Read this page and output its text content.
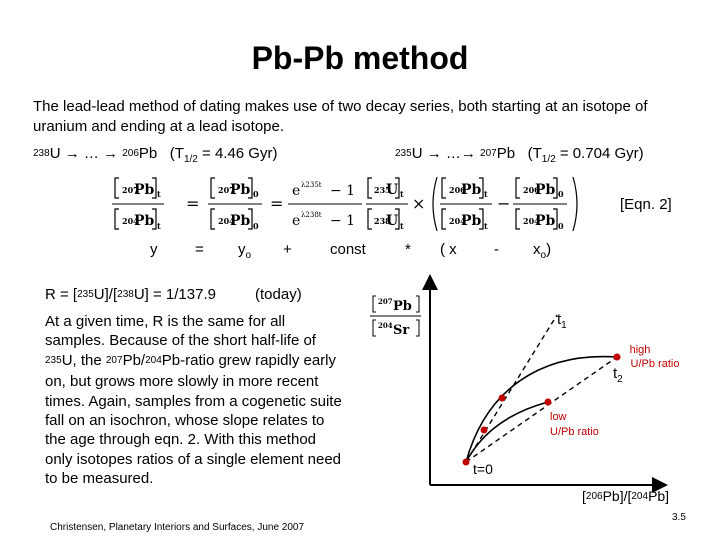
Pb-Pb method
The lead-lead method of dating makes use of two decay series, both starting at an isotope of uranium and ending at a lead isotope.
$^{238}$U → … → $^{206}$Pb ($T_{1/2} = 4.46$ Gyr)	$^{235}$U → …→ $^{207}$Pb ($T_{1/2} = 0.704$ Gyr)
207
Pb t
204
Pb t
=
207
Pb 0
204
Pb 0
=
e λ235t − 1
e λ238t − 1
235
U t
238
U t
×
206
Pb t
204
Pb t
−
206
Pb 0
204
Pb 0
[Eqn. 2]
y	= $y_o$ +	const	* ( x - $x_o$)
R = [$^{235}$U]/[$^{238}$U] = 1/137.9	(today)
At a given time, R is the same for all samples. Because of the short half-life of $^{235}$U, the $^{207}$Pb/$^{204}$Pb-ratio grew rapidly early on, but grows more slowly in more recent times. Again, samples from a cogenetic suite fall on an isochron, whose slope relates to the age through eqn. 2. With this method only isotopes ratios of a single element need to be measured.
$t_1$
$t_2$
t=0
high
U/Pb ratio
low
U/Pb ratio
207 Pb
204 Sr
[$^{206}$Pb]/[$^{204}$Pb]
Christensen, Planetary Interiors and Surfaces, June 2007
3.5
